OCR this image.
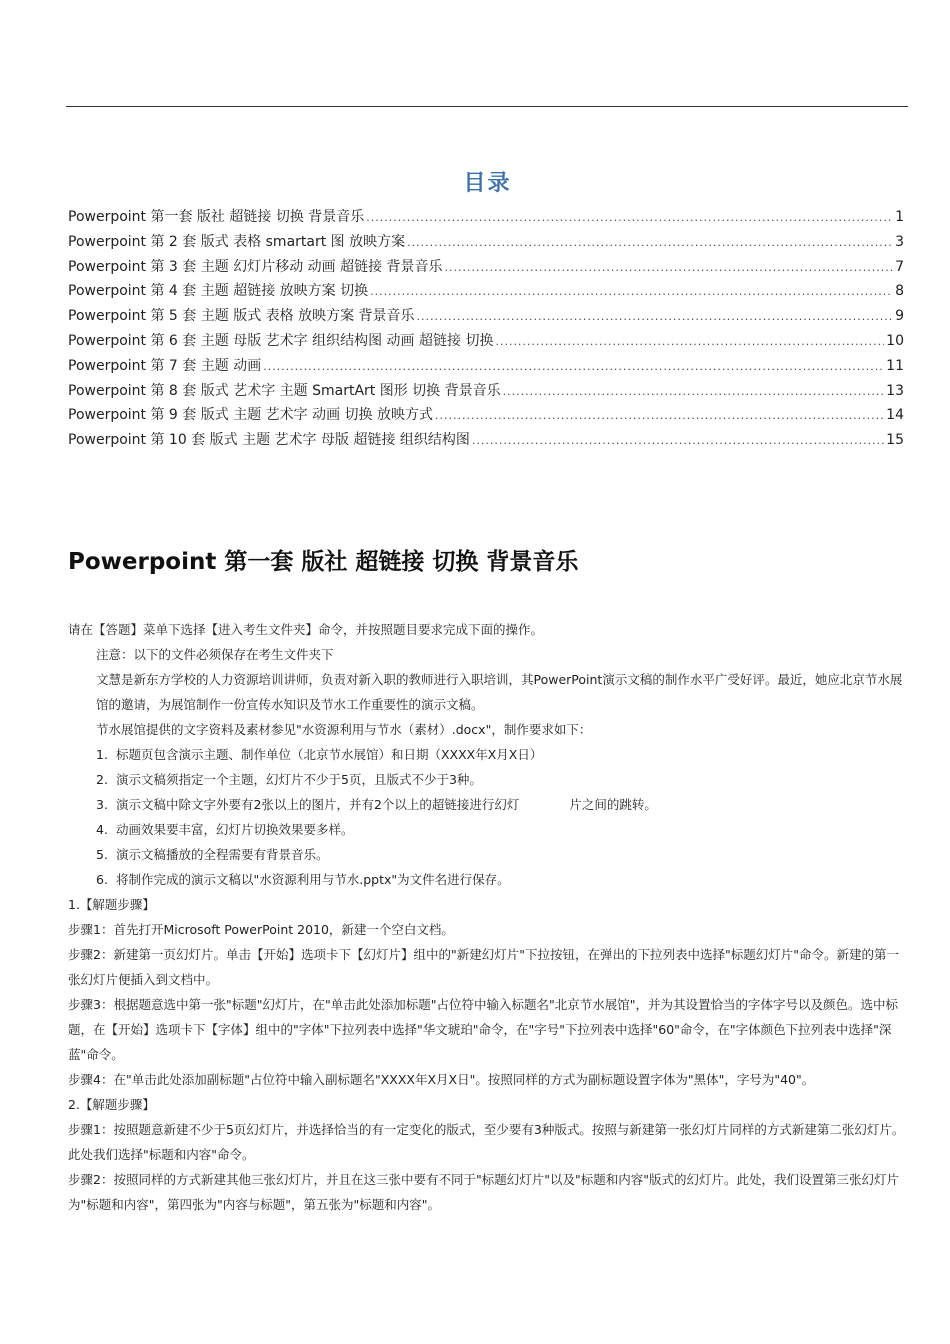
目录
Powerpoint 第一套 版社 超链接 切换 背景音乐 .....	1
Powerpoint 第 2 套 版式 表格 smartart 图 放映方案 .....	3
Powerpoint 第 3 套 主题 幻灯片移动 动画 超链接 背景音乐 .....	7
Powerpoint 第 4 套 主题 超链接 放映方案 切换 .....	8
Powerpoint 第 5 套 主题 版式 表格 放映方案 背景音乐 .....	9
Powerpoint 第 6 套 主题 母版 艺术字 组织结构图 动画 超链接 切换 .....	10
Powerpoint 第 7 套 主题 动画 .....	11
Powerpoint 第 8 套 版式 艺术字 主题 SmartArt 图形 切换 背景音乐 .....	13
Powerpoint 第 9 套 版式 主题 艺术字 动画 切换 放映方式 .....	14
Powerpoint 第 10 套 版式 主题 艺术字 母版 超链接 组织结构图 .....	15
Powerpoint 第一套 版社 超链接 切换 背景音乐

请在【答题】菜单下选择【进入考生文件夹】命令，并按照题目要求完成下面的操作。

注意：以下的文件必须保存在考生文件夹下

文慧是新东方学校的人力资源培训讲师，负责对新入职的教师进行入职培训，其PowerPoint演示文稿的制作水平广受好评。最近，她应北京节水展馆的邀请，为展馆制作一份宣传水知识及节水工作重要性的演示文稿。

节水展馆提供的文字资料及素材参见"水资源利用与节水（素材）.docx"，制作要求如下：

1. 标题页包含演示主题、制作单位（北京节水展馆）和日期（XXXX年X月X日）

2. 演示文稿须指定一个主题，幻灯片不少于5页，且版式不少于3种。

3. 演示文稿中除文字外要有2张以上的图片，并有2个以上的超链接进行幻灯	片之间的跳转。

4. 动画效果要丰富，幻灯片切换效果要多样。

5. 演示文稿播放的全程需要有背景音乐。

6. 将制作完成的演示文稿以"水资源利用与节水.pptx"为文件名进行保存。

1.【解题步骤】

步骤1：首先打开Microsoft PowerPoint 2010，新建一个空白文档。

步骤2：新建第一页幻灯片。单击【开始】选项卡下【幻灯片】组中的"新建幻灯片"下拉按钮，在弹出的下拉列表中选择"标题幻灯片"命令。新建的第一张幻灯片便插入到文档中。

步骤3：根据题意选中第一张"标题"幻灯片，在"单击此处添加标题"占位符中输入标题名"北京节水展馆"，并为其设置恰当的字体字号以及颜色。选中标题，在【开始】选项卡下【字体】组中的"字体"下拉列表中选择"华文琥珀"命令，在"字号"下拉列表中选择"60"命令，在"字体颜色下拉列表中选择"深蓝"命令。

步骤4：在"单击此处添加副标题"占位符中输入副标题名"XXXX年X月X日"。按照同样的方式为副标题设置字体为"黑体"，字号为"40"。

2.【解题步骤】

步骤1：按照题意新建不少于5页幻灯片，并选择恰当的有一定变化的版式，至少要有3种版式。按照与新建第一张幻灯片同样的方式新建第二张幻灯片。此处我们选择"标题和内容"命令。

步骤2：按照同样的方式新建其他三张幻灯片，并且在这三张中要有不同于"标题幻灯片"以及"标题和内容"版式的幻灯片。此处，我们设置第三张幻灯片为"标题和内容"，第四张为"内容与标题"，第五张为"标题和内容"。
